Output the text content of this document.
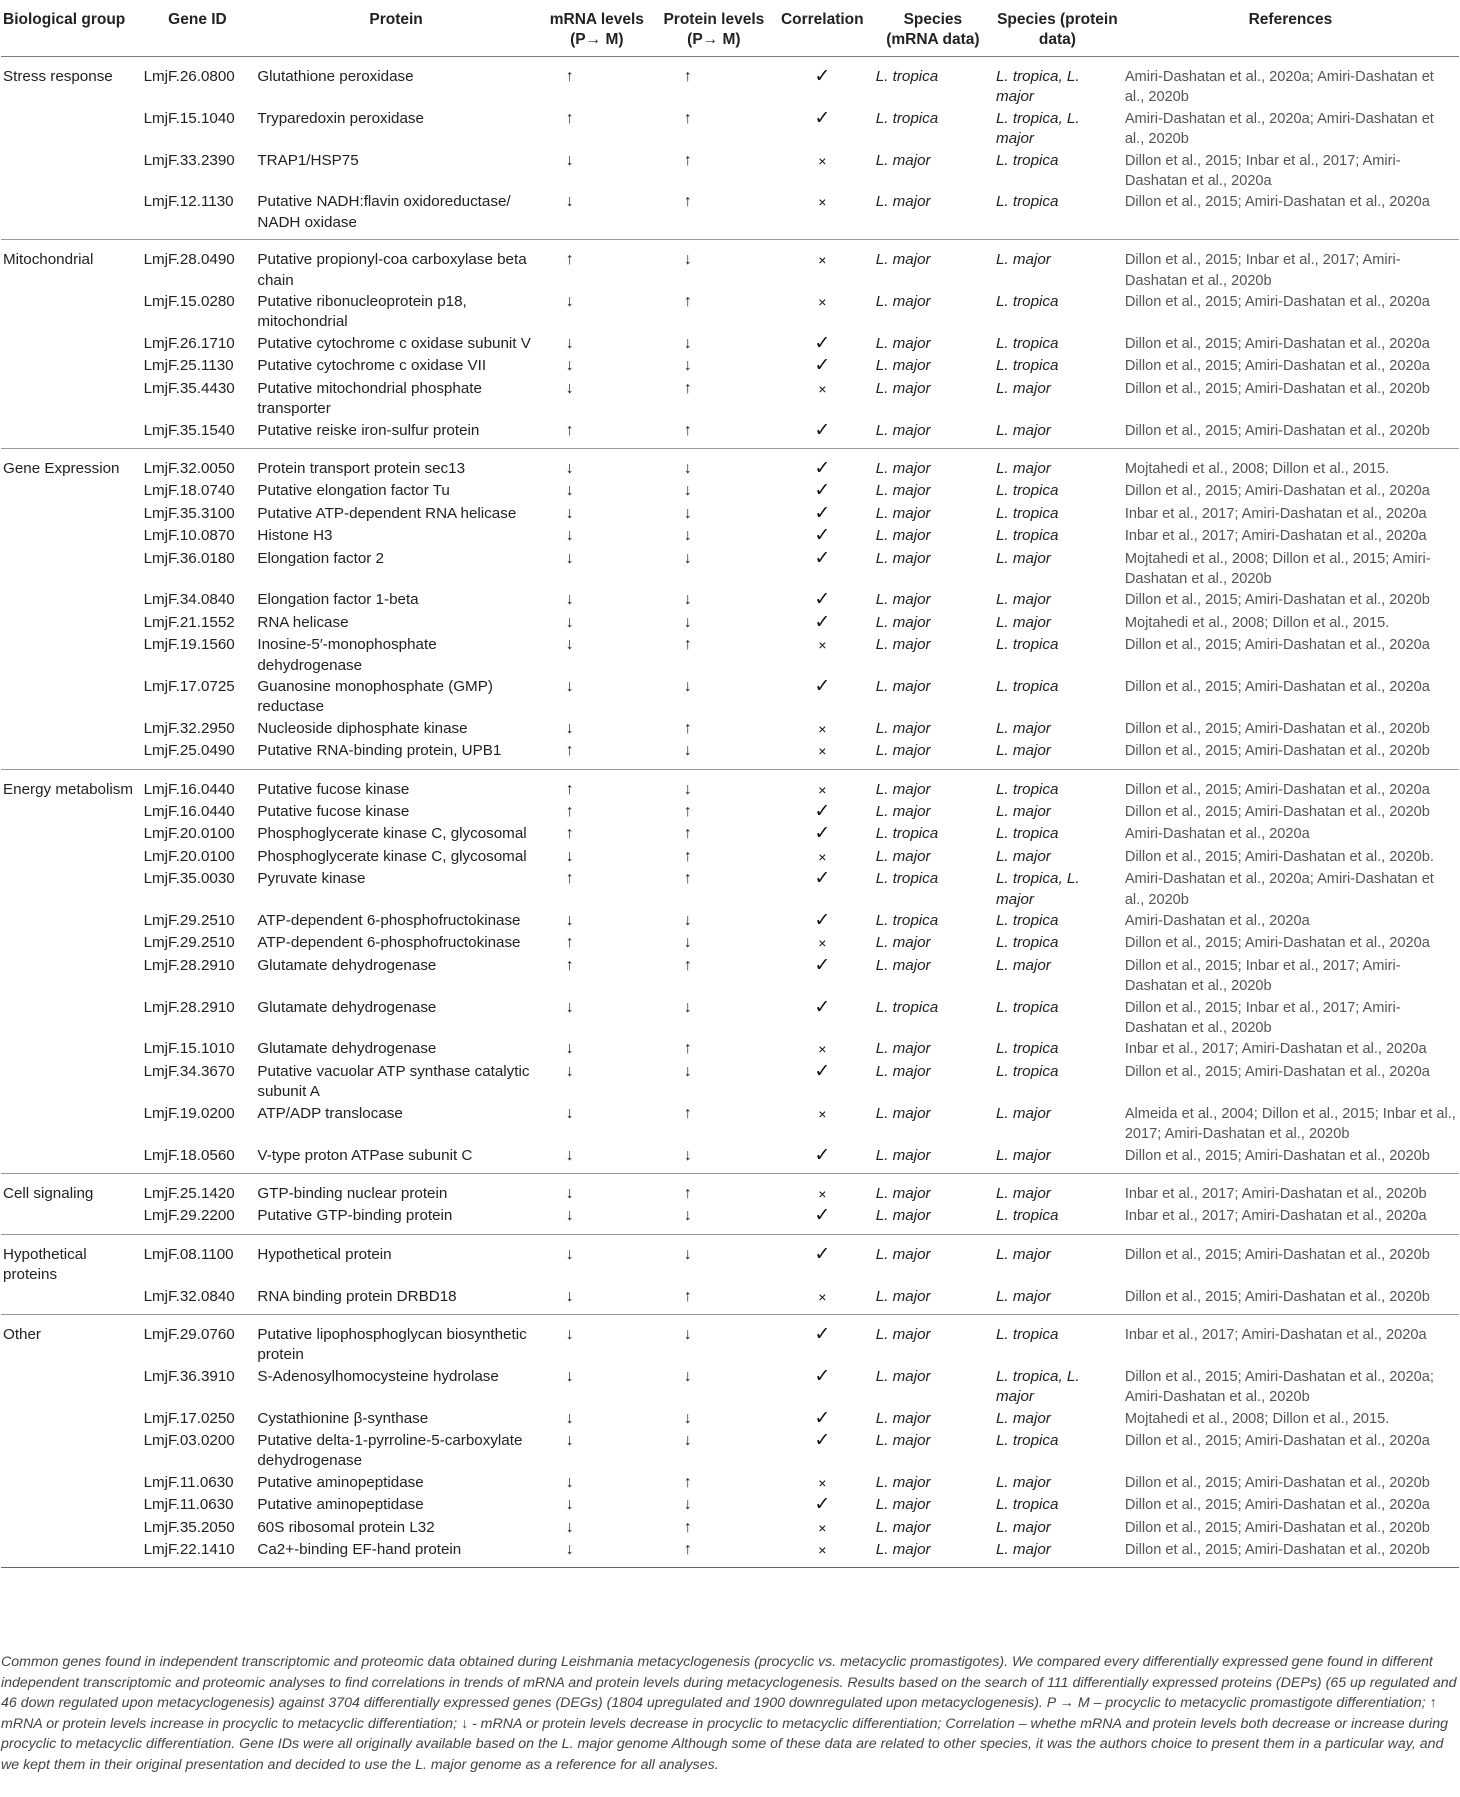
Biological group	Gene ID	Protein	mRNA levels (P→ M)	Protein levels (P→ M)	Correlation	Species (mRNA data)	Species (protein data)	References
Stress response	LmjF.26.0800	Glutathione peroxidase	↑	↑	✓	L. tropica	L. tropica, L. major	Amiri-Dashatan et al., 2020a; Amiri-Dashatan et al., 2020b
	LmjF.15.1040	Tryparedoxin peroxidase	↑	↑	✓	L. tropica	L. tropica, L. major	Amiri-Dashatan et al., 2020a; Amiri-Dashatan et al., 2020b
	LmjF.33.2390	TRAP1/HSP75	↓	↑	×	L. major	L. tropica	Dillon et al., 2015; Inbar et al., 2017; Amiri-Dashatan et al., 2020a
	LmjF.12.1130	Putative NADH:flavin oxidoreductase/ NADH oxidase	↓	↑	×	L. major	L. tropica	Dillon et al., 2015; Amiri-Dashatan et al., 2020a
Mitochondrial	LmjF.28.0490	Putative propionyl-coa carboxylase beta chain	↑	↓	×	L. major	L. major	Dillon et al., 2015; Inbar et al., 2017; Amiri-Dashatan et al., 2020b
	LmjF.15.0280	Putative ribonucleoprotein p18, mitochondrial	↓	↑	×	L. major	L. tropica	Dillon et al., 2015; Amiri-Dashatan et al., 2020a
	LmjF.26.1710	Putative cytochrome c oxidase subunit V	↓	↓	✓	L. major	L. tropica	Dillon et al., 2015; Amiri-Dashatan et al., 2020a
	LmjF.25.1130	Putative cytochrome c oxidase VII	↓	↓	✓	L. major	L. tropica	Dillon et al., 2015; Amiri-Dashatan et al., 2020a
	LmjF.35.4430	Putative mitochondrial phosphate transporter	↓	↑	×	L. major	L. major	Dillon et al., 2015; Amiri-Dashatan et al., 2020b
	LmjF.35.1540	Putative reiske iron-sulfur protein	↑	↑	✓	L. major	L. major	Dillon et al., 2015; Amiri-Dashatan et al., 2020b
Gene Expression	LmjF.32.0050	Protein transport protein sec13	↓	↓	✓	L. major	L. major	Mojtahedi et al., 2008; Dillon et al., 2015.
	LmjF.18.0740	Putative elongation factor Tu	↓	↓	✓	L. major	L. tropica	Dillon et al., 2015; Amiri-Dashatan et al., 2020a
	LmjF.35.3100	Putative ATP-dependent RNA helicase	↓	↓	✓	L. major	L. tropica	Inbar et al., 2017; Amiri-Dashatan et al., 2020a
	LmjF.10.0870	Histone H3	↓	↓	✓	L. major	L. tropica	Inbar et al., 2017; Amiri-Dashatan et al., 2020a
	LmjF.36.0180	Elongation factor 2	↓	↓	✓	L. major	L. major	Mojtahedi et al., 2008; Dillon et al., 2015; Amiri-Dashatan et al., 2020b
	LmjF.34.0840	Elongation factor 1-beta	↓	↓	✓	L. major	L. major	Dillon et al., 2015; Amiri-Dashatan et al., 2020b
	LmjF.21.1552	RNA helicase	↓	↓	✓	L. major	L. major	Mojtahedi et al., 2008; Dillon et al., 2015.
	LmjF.19.1560	Inosine-5′-monophosphate dehydrogenase	↓	↑	×	L. major	L. tropica	Dillon et al., 2015; Amiri-Dashatan et al., 2020a
	LmjF.17.0725	Guanosine monophosphate (GMP) reductase	↓	↓	✓	L. major	L. tropica	Dillon et al., 2015; Amiri-Dashatan et al., 2020a
	LmjF.32.2950	Nucleoside diphosphate kinase	↓	↑	×	L. major	L. major	Dillon et al., 2015; Amiri-Dashatan et al., 2020b
	LmjF.25.0490	Putative RNA-binding protein, UPB1	↑	↓	×	L. major	L. major	Dillon et al., 2015; Amiri-Dashatan et al., 2020b
Energy metabolism	LmjF.16.0440	Putative fucose kinase	↑	↓	×	L. major	L. tropica	Dillon et al., 2015; Amiri-Dashatan et al., 2020a
	LmjF.16.0440	Putative fucose kinase	↑	↑	✓	L. major	L. major	Dillon et al., 2015; Amiri-Dashatan et al., 2020b
	LmjF.20.0100	Phosphoglycerate kinase C, glycosomal	↑	↑	✓	L. tropica	L. tropica	Amiri-Dashatan et al., 2020a
	LmjF.20.0100	Phosphoglycerate kinase C, glycosomal	↓	↑	×	L. major	L. major	Dillon et al., 2015; Amiri-Dashatan et al., 2020b.
	LmjF.35.0030	Pyruvate kinase	↑	↑	✓	L. tropica	L. tropica, L. major	Amiri-Dashatan et al., 2020a; Amiri-Dashatan et al., 2020b
	LmjF.29.2510	ATP-dependent 6-phosphofructokinase	↓	↓	✓	L. tropica	L. tropica	Amiri-Dashatan et al., 2020a
	LmjF.29.2510	ATP-dependent 6-phosphofructokinase	↑	↓	×	L. major	L. tropica	Dillon et al., 2015; Amiri-Dashatan et al., 2020a
	LmjF.28.2910	Glutamate dehydrogenase	↑	↑	✓	L. major	L. major	Dillon et al., 2015; Inbar et al., 2017; Amiri-Dashatan et al., 2020b
	LmjF.28.2910	Glutamate dehydrogenase	↓	↓	✓	L. tropica	L. tropica	Dillon et al., 2015; Inbar et al., 2017; Amiri-Dashatan et al., 2020b
	LmjF.15.1010	Glutamate dehydrogenase	↓	↑	×	L. major	L. tropica	Inbar et al., 2017; Amiri-Dashatan et al., 2020a
	LmjF.34.3670	Putative vacuolar ATP synthase catalytic subunit A	↓	↓	✓	L. major	L. tropica	Dillon et al., 2015; Amiri-Dashatan et al., 2020a
	LmjF.19.0200	ATP/ADP translocase	↓	↑	×	L. major	L. major	Almeida et al., 2004; Dillon et al., 2015; Inbar et al., 2017; Amiri-Dashatan et al., 2020b
	LmjF.18.0560	V-type proton ATPase subunit C	↓	↓	✓	L. major	L. major	Dillon et al., 2015; Amiri-Dashatan et al., 2020b
Cell signaling	LmjF.25.1420	GTP-binding nuclear protein	↓	↑	×	L. major	L. major	Inbar et al., 2017; Amiri-Dashatan et al., 2020b
	LmjF.29.2200	Putative GTP-binding protein	↓	↓	✓	L. major	L. tropica	Inbar et al., 2017; Amiri-Dashatan et al., 2020a
Hypothetical proteins	LmjF.08.1100	Hypothetical protein	↓	↓	✓	L. major	L. major	Dillon et al., 2015; Amiri-Dashatan et al., 2020b
	LmjF.32.0840	RNA binding protein DRBD18	↓	↑	×	L. major	L. major	Dillon et al., 2015; Amiri-Dashatan et al., 2020b
Other	LmjF.29.0760	Putative lipophosphoglycan biosynthetic protein	↓	↓	✓	L. major	L. tropica	Inbar et al., 2017; Amiri-Dashatan et al., 2020a
	LmjF.36.3910	S-Adenosylhomocysteine hydrolase	↓	↓	✓	L. major	L. tropica, L. major	Dillon et al., 2015; Amiri-Dashatan et al., 2020a; Amiri-Dashatan et al., 2020b
	LmjF.17.0250	Cystathionine β-synthase	↓	↓	✓	L. major	L. major	Mojtahedi et al., 2008; Dillon et al., 2015.
	LmjF.03.0200	Putative delta-1-pyrroline-5-carboxylate dehydrogenase	↓	↓	✓	L. major	L. tropica	Dillon et al., 2015; Amiri-Dashatan et al., 2020a
	LmjF.11.0630	Putative aminopeptidase	↓	↑	×	L. major	L. major	Dillon et al., 2015; Amiri-Dashatan et al., 2020b
	LmjF.11.0630	Putative aminopeptidase	↓	↓	✓	L. major	L. tropica	Dillon et al., 2015; Amiri-Dashatan et al., 2020a
	LmjF.35.2050	60S ribosomal protein L32	↓	↑	×	L. major	L. major	Dillon et al., 2015; Amiri-Dashatan et al., 2020b
	LmjF.22.1410	Ca2+-binding EF-hand protein	↓	↑	×	L. major	L. major	Dillon et al., 2015; Amiri-Dashatan et al., 2020b
Common genes found in independent transcriptomic and proteomic data obtained during Leishmania metacyclogenesis (procyclic vs. metacyclic promastigotes). We compared every differentially expressed gene found in different independent transcriptomic and proteomic analyses to find correlations in trends of mRNA and protein levels during metacyclogenesis. Results based on the search of 111 differentially expressed proteins (DEPs) (65 up regulated and 46 down regulated upon metacyclogenesis) against 3704 differentially expressed genes (DEGs) (1804 upregulated and 1900 downregulated upon metacyclogenesis). P → M – procyclic to metacyclic promastigote differentiation; ↑ mRNA or protein levels increase in procyclic to metacyclic differentiation; ↓ - mRNA or protein levels decrease in procyclic to metacyclic differentiation; Correlation – whethe mRNA and protein levels both decrease or increase during procyclic to metacyclic differentiation. Gene IDs were all originally available based on the L. major genome Although some of these data are related to other species, it was the authors choice to present them in a particular way, and we kept them in their original presentation and decided to use the L. major genome as a reference for all analyses.
